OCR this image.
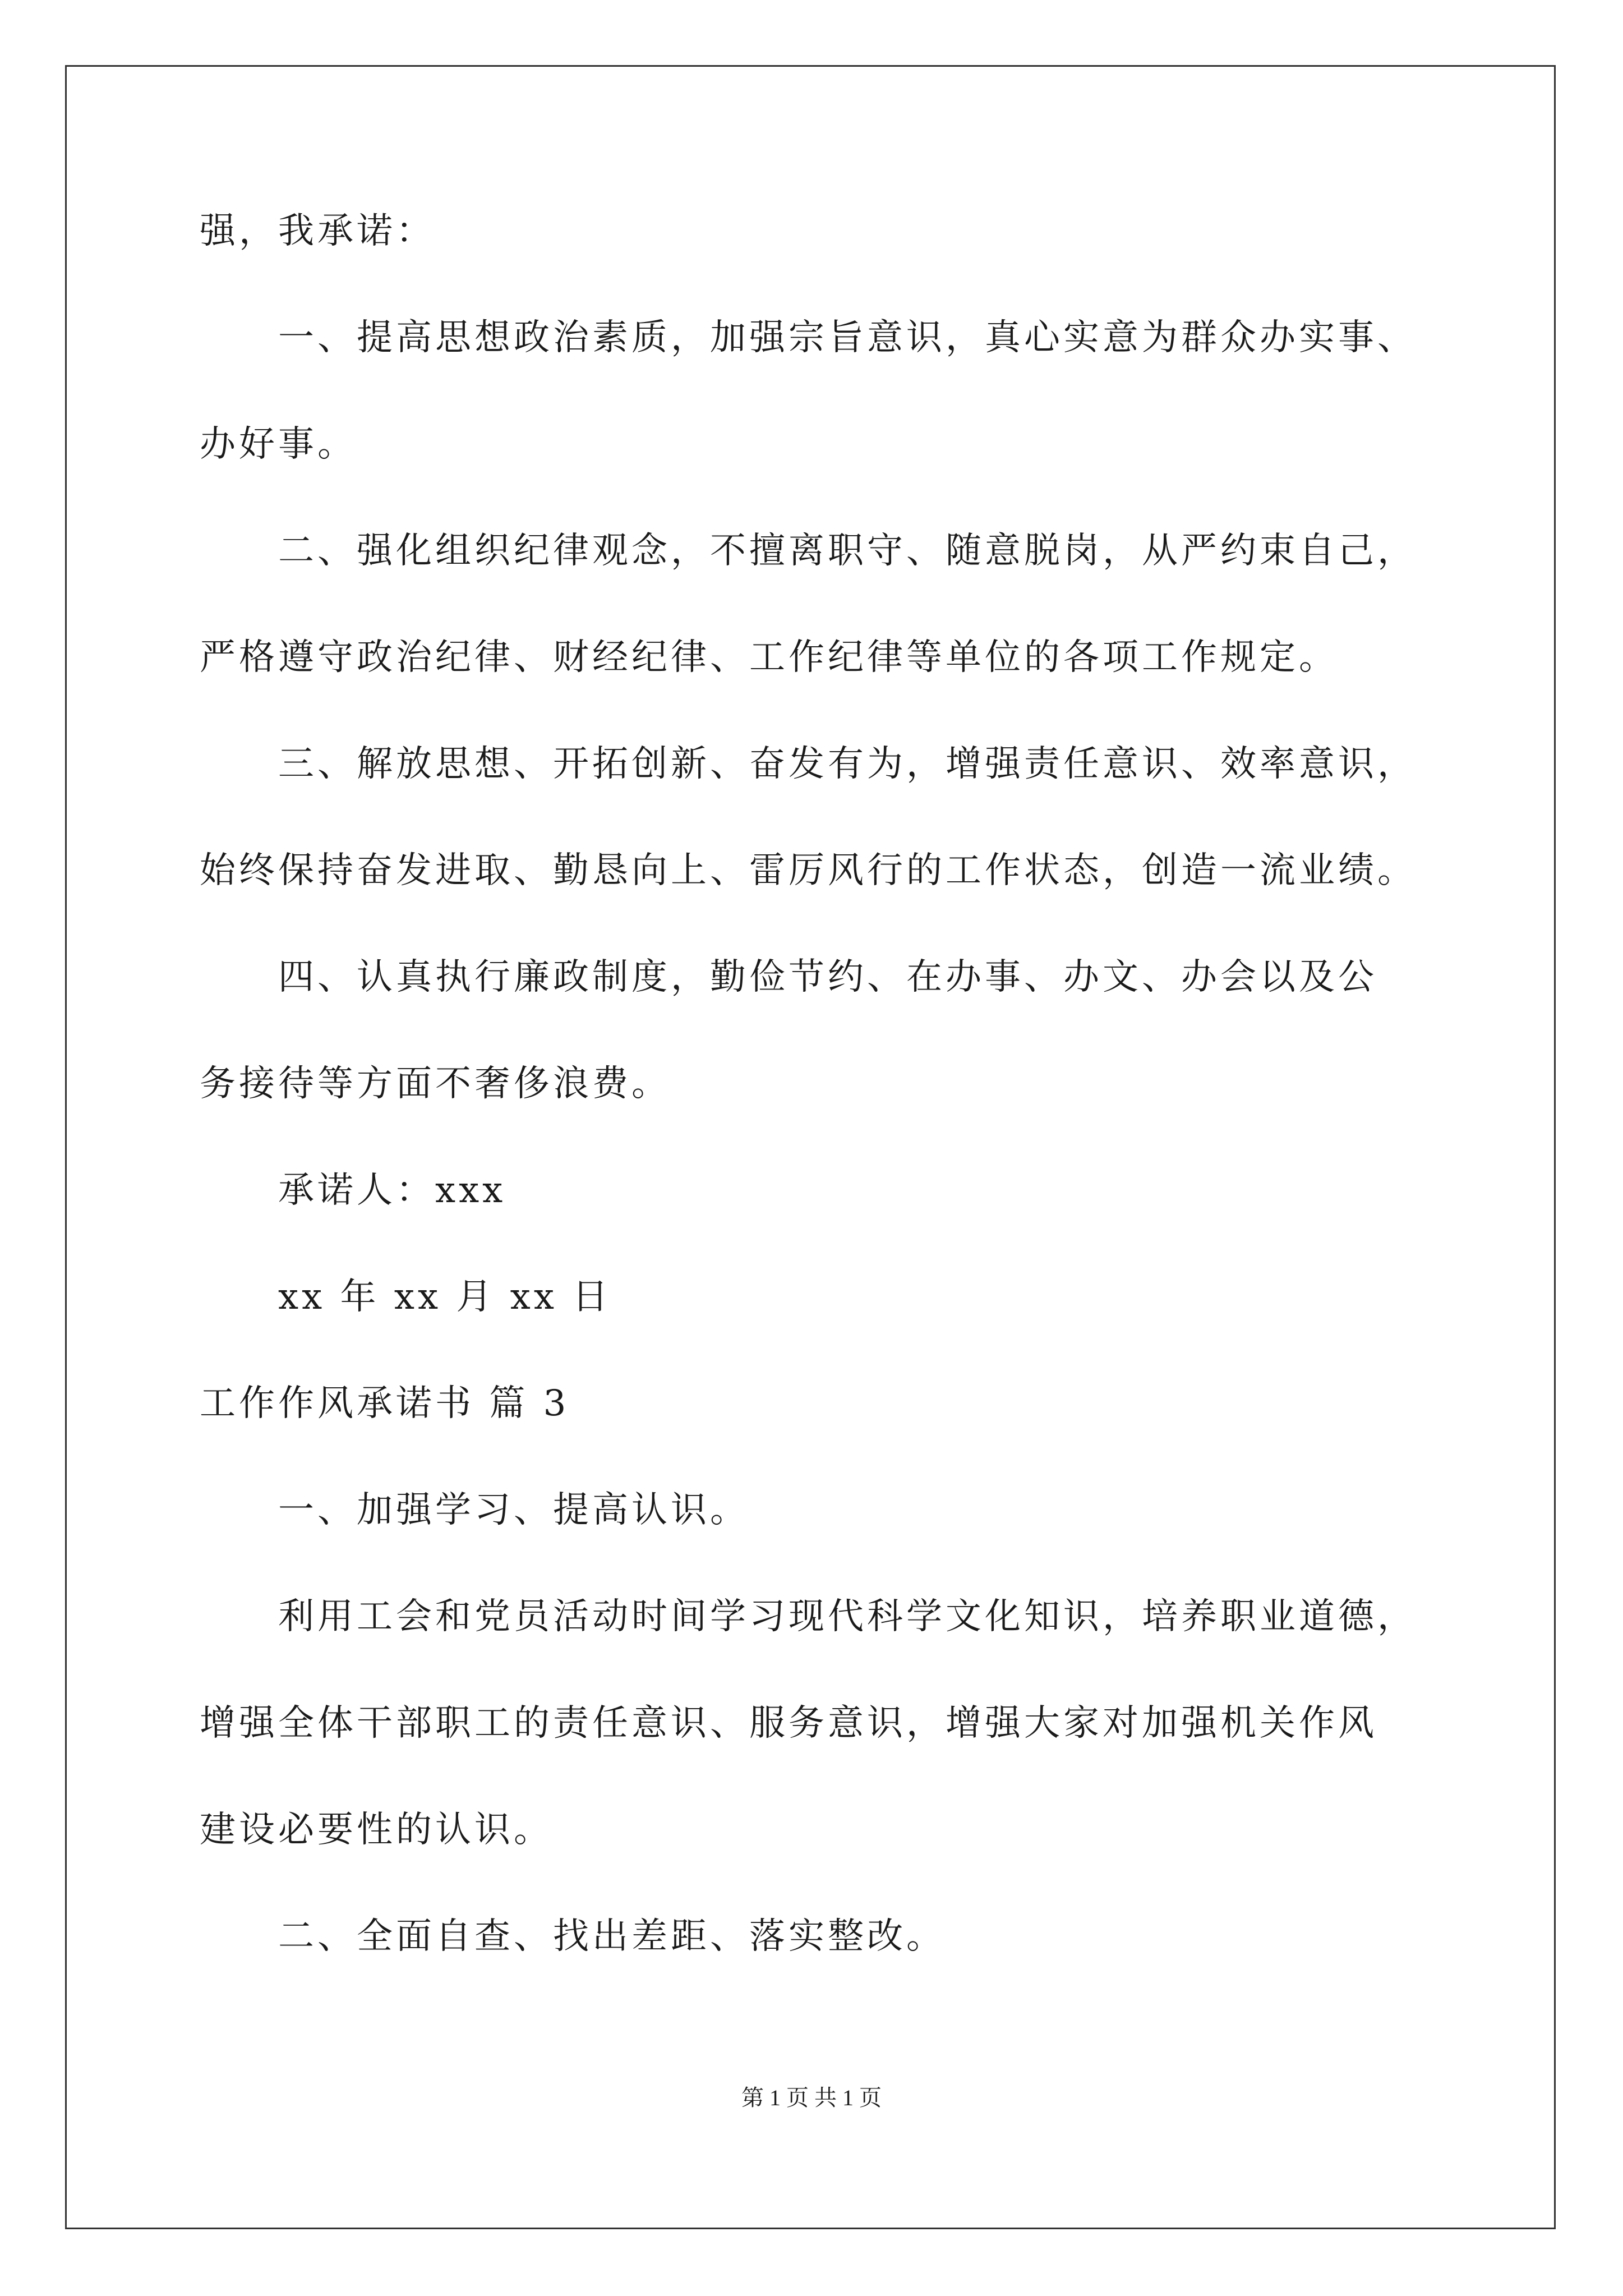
强，我承诺：
一、提高思想政治素质，加强宗旨意识，真心实意为群众办实事、
办好事。
二、强化组织纪律观念，不擅离职守、随意脱岗，从严约束自己，
严格遵守政治纪律、财经纪律、工作纪律等单位的各项工作规定。
三、解放思想、开拓创新、奋发有为，增强责任意识、效率意识，
始终保持奋发进取、勤恳向上、雷厉风行的工作状态，创造一流业绩。
四、认真执行廉政制度，勤俭节约、在办事、办文、办会以及公
务接待等方面不奢侈浪费。
承诺人：xxx
xx 年 xx 月 xx 日
工作作风承诺书 篇 3
一、加强学习、提高认识。
利用工会和党员活动时间学习现代科学文化知识，培养职业道德，
增强全体干部职工的责任意识、服务意识，增强大家对加强机关作风
建设必要性的认识。
二、全面自查、找出差距、落实整改。
第 1 页 共 1 页
